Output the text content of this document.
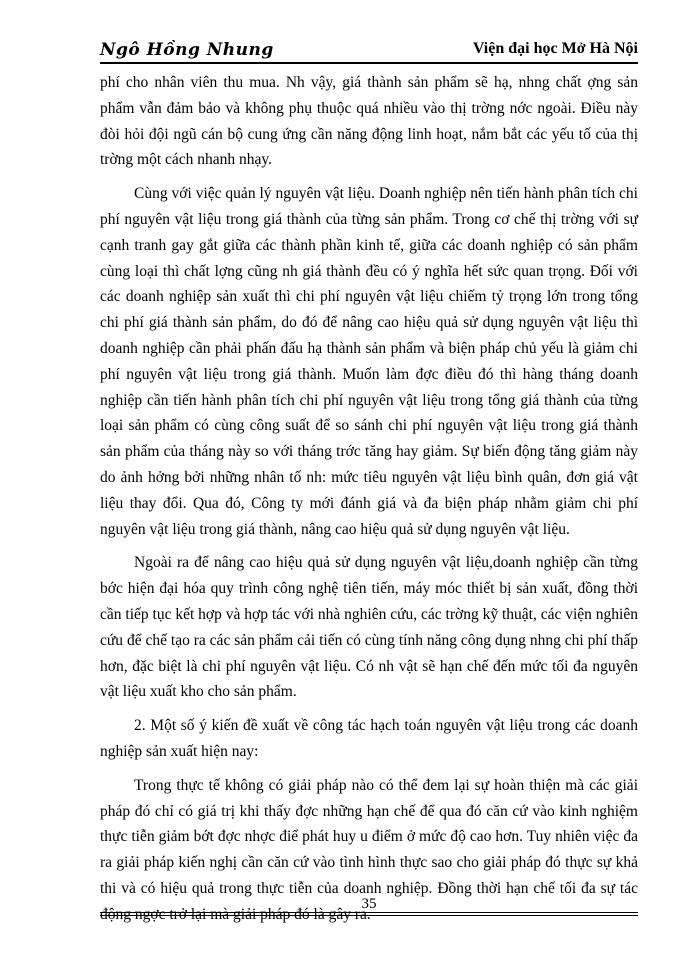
Ngô Hồng Nhung	Viện đại học Mở Hà Nội

phí cho nhân viên thu mua. Nh vậy, giá thành sản phẩm sẽ hạ, nhng chất ợng sản phẩm vẫn đảm bảo và không phụ thuộc quá nhiều vào thị trờng nớc ngoài. Điều này đòi hỏi đội ngũ cán bộ cung ứng cần năng động linh hoạt, nắm bắt các yếu tố của thị trờng một cách nhanh nhạy.

Cùng với việc quản lý nguyên vật liệu. Doanh nghiệp nên tiến hành phân tích chi phí nguyên vật liệu trong giá thành của từng sản phẩm. Trong cơ chế thị trờng với sự cạnh tranh gay gắt giữa các thành phần kinh tế, giữa các doanh nghiệp có sản phẩm cùng loại thì chất lợng cũng nh giá thành đều có ý nghĩa hết sức quan trọng. Đối với các doanh nghiệp sản xuất thì chi phí nguyên vật liệu chiếm tỷ trọng lớn trong tổng chi phí giá thành sản phẩm, do đó để nâng cao hiệu quả sử dụng nguyên vật liệu thì doanh nghiệp cần phải phấn đấu hạ thành sản phẩm và biện pháp chủ yếu là giảm chi phí nguyên vật liệu trong giá thành. Muốn làm đợc điều đó thì hàng tháng doanh nghiệp cần tiến hành phân tích chi phí nguyên vật liệu trong tổng giá thành của từng loại sản phẩm có cùng công suất để so sánh chi phí nguyên vật liệu trong giá thành sản phẩm của tháng này so với tháng trớc tăng hay giảm. Sự biến động tăng giảm này do ảnh hởng bởi những nhân tố nh: mức tiêu nguyên vật liệu bình quân, đơn giá vật liệu thay đổi. Qua đó, Công ty mới đánh giá và đa biện pháp nhằm giảm chi phí nguyên vật liệu trong giá thành, nâng cao hiệu quả sử dụng nguyên vật liệu.

Ngoài ra để nâng cao hiệu quả sử dụng nguyên vật liệu,doanh nghiệp cần từng bớc hiện đại hóa quy trình công nghệ tiên tiến, máy móc thiết bị sản xuất, đồng thời cần tiếp tục kết hợp và hợp tác với nhà nghiên cứu, các trờng kỹ thuật, các viện nghiên cứu để chế tạo ra các sản phẩm cải tiến có cùng tính năng công dụng nhng chi phí thấp hơn, đặc biệt là chi phí nguyên vật liệu. Có nh vật sẽ hạn chế đến mức tối đa nguyên vật liệu xuất kho cho sản phẩm.

2. Một số ý kiến đề xuất về công tác hạch toán nguyên vật liệu trong các doanh nghiệp sản xuất hiện nay:

Trong thực tế không có giải pháp nào có thể đem lại sự hoàn thiện mà các giải pháp đó chỉ có giá trị khi thấy đợc những hạn chế để qua đó căn cứ vào kinh nghiệm thực tiễn giảm bớt đợc nhợc điể phát huy u điểm ở mức độ cao hơn. Tuy nhiên việc đa ra giải pháp kiến nghị cần căn cứ vào tình hình thực sao cho giải pháp đó thực sự khả thi và có hiệu quả trong thực tiễn của doanh nghiệp. Đồng thời hạn chế tối đa sự tác động ngợc trở lại mà giải pháp đó là gây ra.

35
